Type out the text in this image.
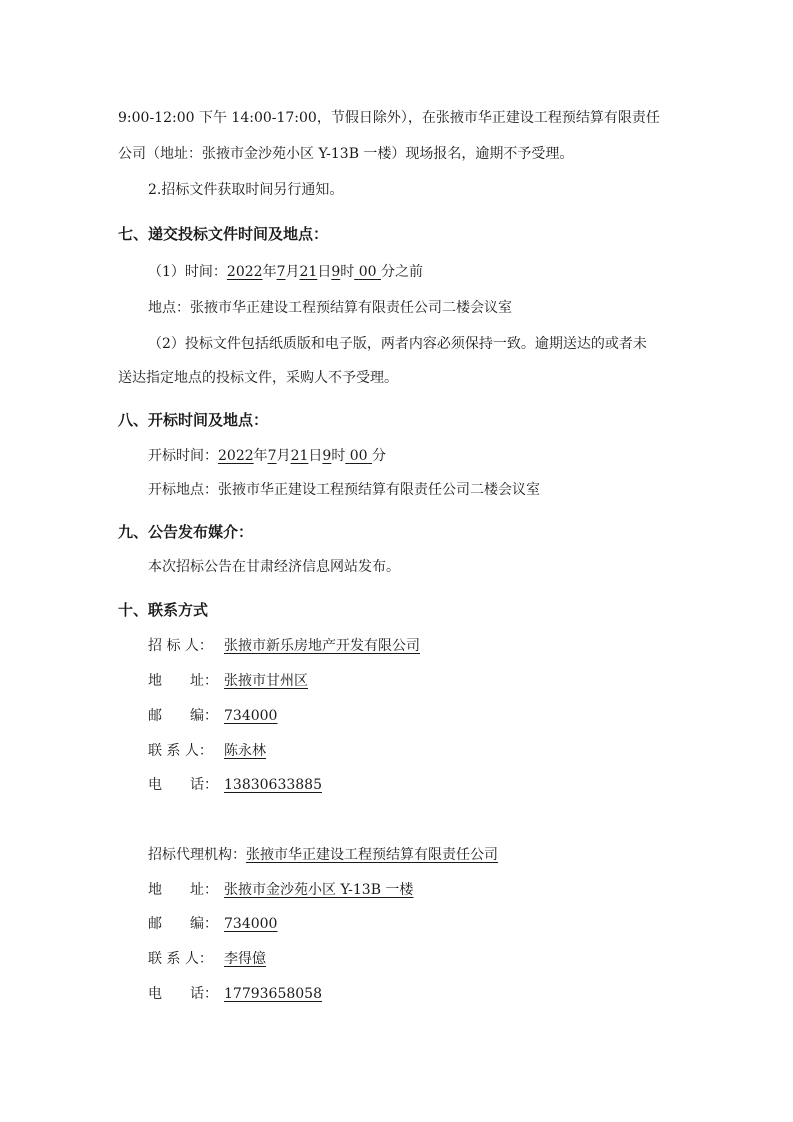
9:00-12:00 下午 14:00-17:00，节假日除外），在张掖市华正建设工程预结算有限责任
公司（地址：张掖市金沙苑小区 Y-13B 一楼）现场报名，逾期不予受理。
2.招标文件获取时间另行通知。
七、递交投标文件时间及地点：
（1）时间：2022年7月21日9时 00 分之前
地点：张掖市华正建设工程预结算有限责任公司二楼会议室
（2）投标文件包括纸质版和电子版，两者内容必须保持一致。逾期送达的或者未
送达指定地点的投标文件，采购人不予受理。
八、开标时间及地点：
开标时间：2022年7月21日9时 00 分
开标地点：张掖市华正建设工程预结算有限责任公司二楼会议室
九、公告发布媒介：
本次招标公告在甘肃经济信息网站发布。
十、联系方式
招 标 人： 张掖市新乐房地产开发有限公司
地　　址： 张掖市甘州区
邮　　编： 734000
联 系 人： 陈永林
电　　话： 13830633885
招标代理机构：张掖市华正建设工程预结算有限责任公司
地　　址： 张掖市金沙苑小区 Y-13B 一楼
邮　　编： 734000
联 系 人： 李得億
电　　话： 17793658058
